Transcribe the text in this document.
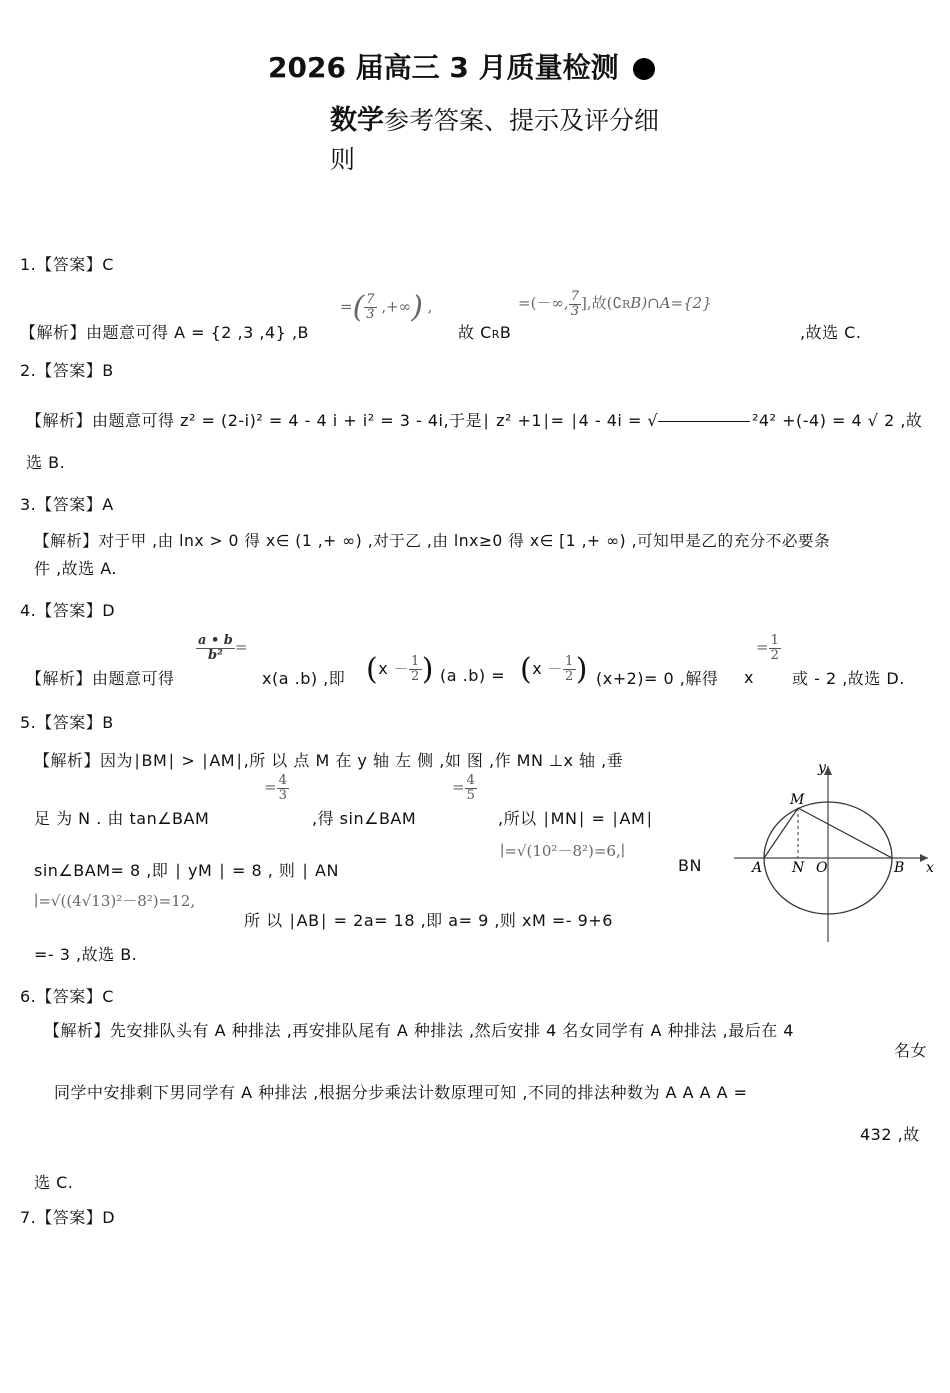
2026 届高三 3 月质量检测
数学参考答案、提示及评分细
则
1.【答案】C
【解析】由题意可得 A = {2 ,3 ,4} ,B
=( $\frac{7}{3}$ ,+∞) ,
故 CRB
=(－∞, $\frac{7}{3}$ ],故(∁RB)∩A={2}
,故选 C.
2.【答案】B
【解析】由题意可得 z² = (2-i)² = 4 - 4 i + i² = 3 - 4i,于是∣ z² +1∣= ∣4 - 4i = √	²4² +(-4) = 4 √ 2 ,故
选 B.
3.【答案】A
【解析】对于甲 ,由 lnx > 0 得 x∈ (1 ,+ ∞) ,对于乙 ,由 lnx≥0 得 x∈ [1 ,+ ∞) ,可知甲是乙的充分不必要条
件 ,故选 A.
4.【答案】D
【解析】由题意可得
$\frac{a • b}{\text{b²}}$ =
x(a .b) ,即 ($x - \frac{1}{2}$ ) (a $.b) = (x - \frac{1}{2}$ ) (x+2)= 0 ,解得 x
= $\frac{1}{2}$
或 - 2 ,故选 D.
5.【答案】B
【解析】因为∣BM∣ > ∣AM∣,所 以 点 M 在 y 轴 左 侧 ,如 图 ,作 MN ⊥x 轴 ,垂
足 为 N . 由 tan∠BAM
= $\frac{4}{3}$
,得 sin∠BAM
= $\frac{4}{5}$
,所以 ∣MN∣ = ∣AM∣
sin∠BAM= 8 ,即 ∣ yM ∣ = 8 , 则 ∣ AN
∣=√(10²－8²)=6,∣
BN
∣=√((4√13)²－8²)=12,
所 以 ∣AB∣ = 2a= 18 ,即 a= 9 ,则 xM =- 9+6
=- 3 ,故选 B.
y
x
M
A N O	B
6.【答案】C
【解析】先安排队头有 A 种排法 ,再安排队尾有 A 种排法 ,然后安排 4 名女同学有 A 种排法 ,最后在 4
名女
同学中安排剩下男同学有 A 种排法 ,根据分步乘法计数原理可知 ,不同的排法种数为 A A A A =
432 ,故
选 C.
7.【答案】D
